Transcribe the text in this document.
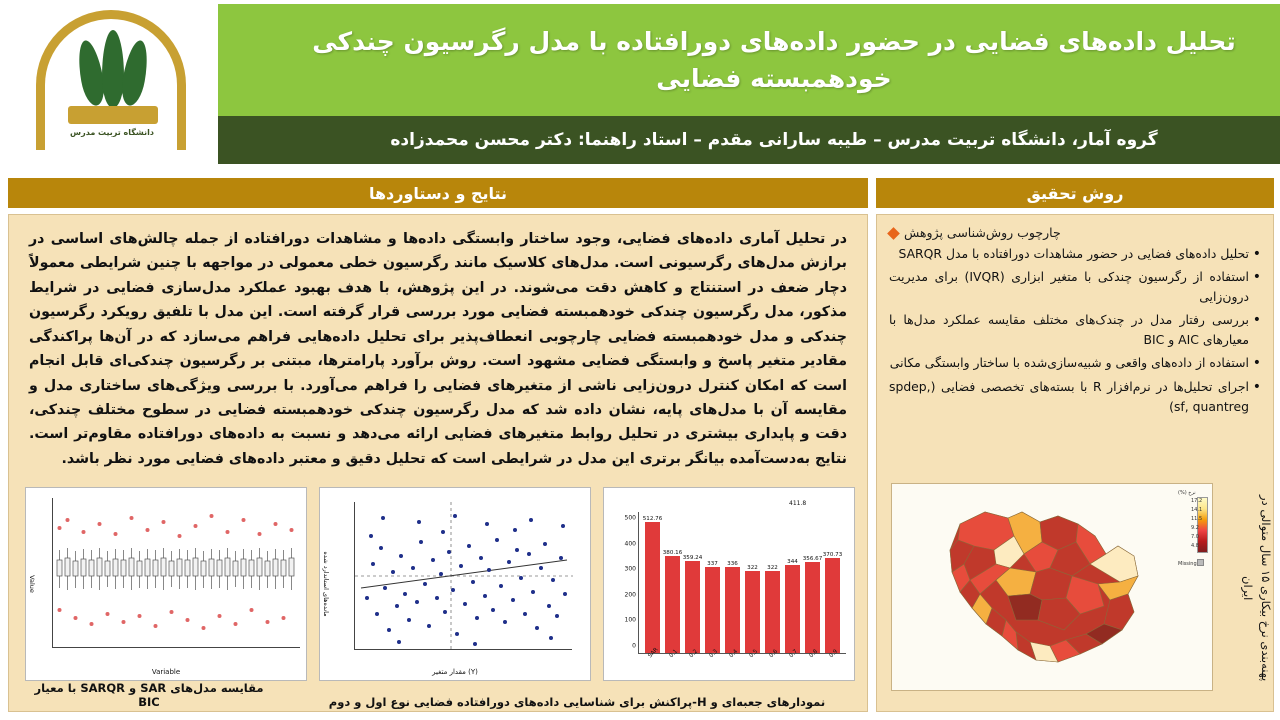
دانشگاه تربیت مدرس
تحلیل داده‌های فضایی در حضور داده‌های دورافتاده با مدل رگرسیون چندکی خودهمبسته فضایی
گروه آمار، دانشگاه تربیت مدرس – طیبه سارانی مقدم – استاد راهنما: دکتر محسن محمدزاده
روش تحقیق
نتایج و دستاوردها
چارچوب روش‌شناسی پژوهش
• تحلیل داده‌های فضایی در حضور مشاهدات دورافتاده با مدل SARQR
• استفاده از رگرسیون چندکی با متغیر ابزاری (IVQR) برای مدیریت درون‌زایی
• بررسی رفتار مدل در چندک‌های مختلف مقایسه عملکرد مدل‌ها با معیارهای AIC و BIC
• استفاده از داده‌های واقعی و شبیه‌سازی‌شده با ساختار وابستگی مکانی
• اجرای تحلیل‌ها در نرم‌افزار R با بسته‌های تخصصی فضایی (spdep, sf, quantreg)
نرخ (%)
17.2
14.1
11.5
9.2
7.0
4.8
Missing	پهنه‌بندی نرخ بیکاری ۱۵ سال متوالی در ایران
در تحلیل آماری داده‌های فضایی، وجود ساختار وابستگی داده‌ها و مشاهدات دورافتاده از جمله چالش‌های اساسی در برازش مدل‌های رگرسیونی است. مدل‌های کلاسیک مانند رگرسیون خطی معمولی در مواجهه با چنین شرایطی معمولاً دچار ضعف در استنتاج و کاهش دقت می‌شوند. در این پژوهش، با هدف بهبود عملکرد مدل‌سازی فضایی در شرایط مذکور، مدل رگرسیون چندکی خودهمبسته فضایی مورد بررسی قرار گرفته است. این مدل با تلفیق رویکرد رگرسیون چندکی و مدل خودهمبسته فضایی چارچوبی انعطاف‌پذیر برای تحلیل داده‌هایی فراهم می‌سازد که در آن‌ها پراکندگی مقادیر متغیر پاسخ و وابستگی فضایی مشهود است. روش برآورد پارامترها، مبتنی بر رگرسیون چندکی‌ای قابل انجام است که امکان کنترل درون‌زایی ناشی از متغیرهای فضایی را فراهم می‌آورد. با بررسی ویژگی‌های ساختاری مدل و مقایسه آن با مدل‌های پایه، نشان داده شد که مدل رگرسیون چندکی خودهمبسته فضایی در سطوح مختلف چندکی، دقت و پایداری بیشتری در تحلیل روابط متغیرهای فضایی ارائه می‌دهد و نسبت به داده‌های دورافتاده مقاوم‌تر است. نتایج به‌دست‌آمده بیانگر برتری این مدل در شرایطی است که تحلیل دقیق و معتبر داده‌های فضایی مورد نظر باشد.
0
100
200
300
400
500	512.76
SAR
380.16
0.1
359.24
0.2
337
0.3
336
0.4
322
0.5
322
0.6
344
0.7
356.67
0.8
370.73
0.9
411.8
مانده‌های استاندارد شده
(Y) مقدار متغیر
Value
Variable
مقایسه مدل‌های SAR و SARQR با معیار BIC	نمودارهای جعبه‌ای و H-پراکنش برای شناسایی داده‌های دورافتاده فضایی نوع اول و دوم
